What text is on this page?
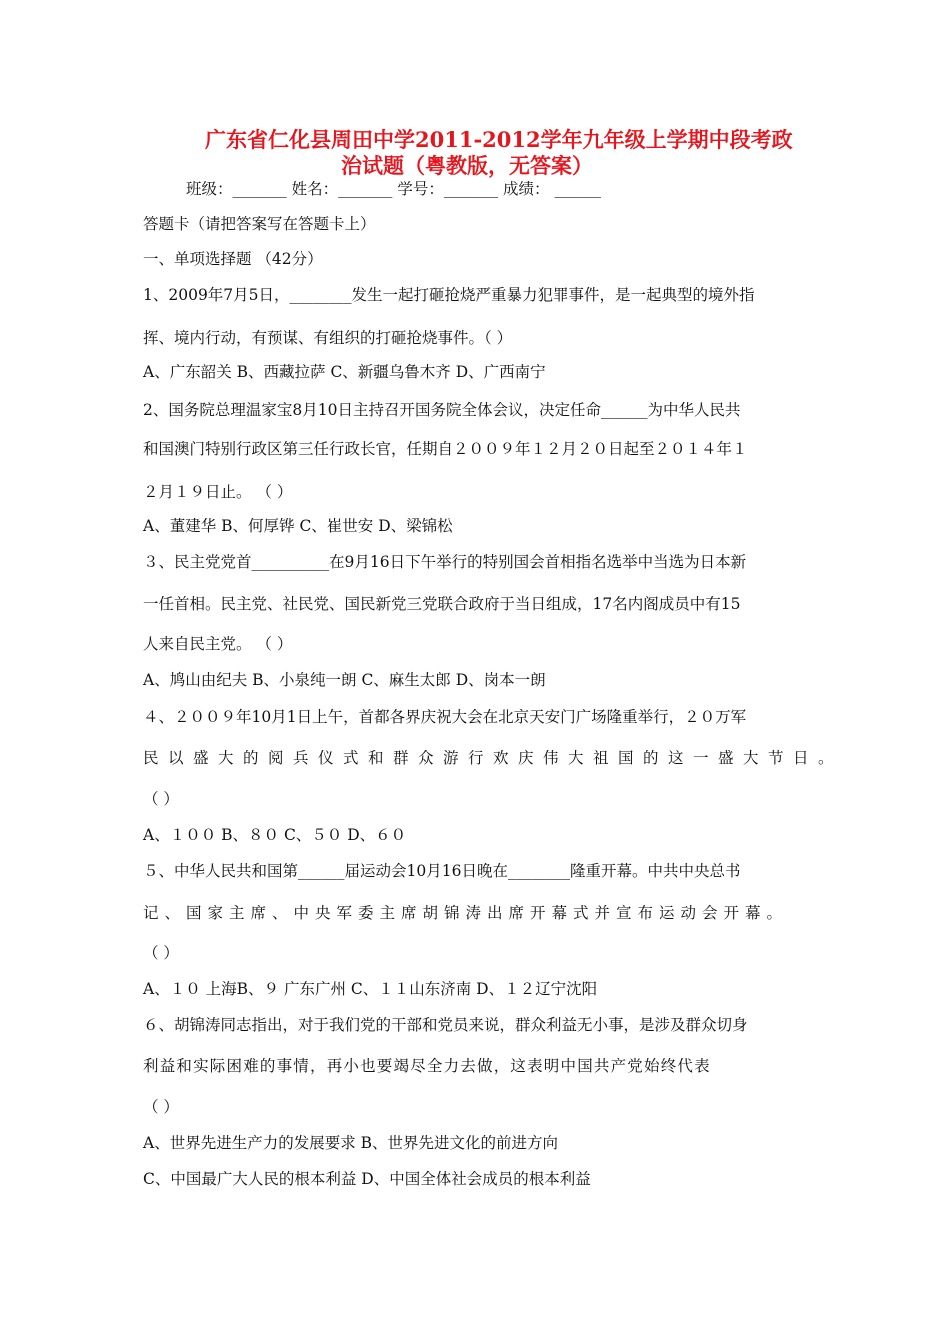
广东省仁化县周田中学2011-2012学年九年级上学期中段考政
治试题（粤教版，无答案）
班级：_______ 姓名：_______ 学号：_______ 成绩： ______
答题卡（请把答案写在答题卡上）
一、单项选择题 （42分）
1、2009年7月5日，________发生一起打砸抢烧严重暴力犯罪事件，是一起典型的境外指
挥、境内行动，有预谋、有组织的打砸抢烧事件。（ ）
A、广东韶关 B、西藏拉萨 C、新疆乌鲁木齐 D、广西南宁
2、国务院总理温家宝8月10日主持召开国务院全体会议，决定任命______为中华人民共
和国澳门特别行政区第三任行政长官，任期自２００９年１２月２０日起至２０１４年１
２月１９日止。 （ ）
A、董建华 B、何厚铧 C、崔世安 D、梁锦松
３、民主党党首__________在9月16日下午举行的特别国会首相指名选举中当选为日本新
一任首相。民主党、社民党、国民新党三党联合政府于当日组成，17名内阁成员中有15
人来自民主党。 （ ）
A、鸠山由纪夫 B、小泉纯一朗 C、麻生太郎 D、岗本一朗
４、２００９年10月1日上午，首都各界庆祝大会在北京天安门广场隆重举行，２０万军
民以盛大的阅兵仪式和群众游行欢庆伟大祖国的这一盛大节日。
（ ）
A、１００ B、８０ C、５０ D、６０
５、中华人民共和国第______届运动会10月16日晚在________隆重开幕。中共中央总书
记、国家主席、中央军委主席胡锦涛出席开幕式并宣布运动会开幕。
（ ）
A、１０ 上海B、９ 广东广州 C、１１山东济南 D、１２辽宁沈阳
６、胡锦涛同志指出，对于我们党的干部和党员来说，群众利益无小事，是涉及群众切身
利益和实际困难的事情，再小也要竭尽全力去做，这表明中国共产党始终代表
（ ）
A、世界先进生产力的发展要求 B、世界先进文化的前进方向
C、中国最广大人民的根本利益 D、中国全体社会成员的根本利益
